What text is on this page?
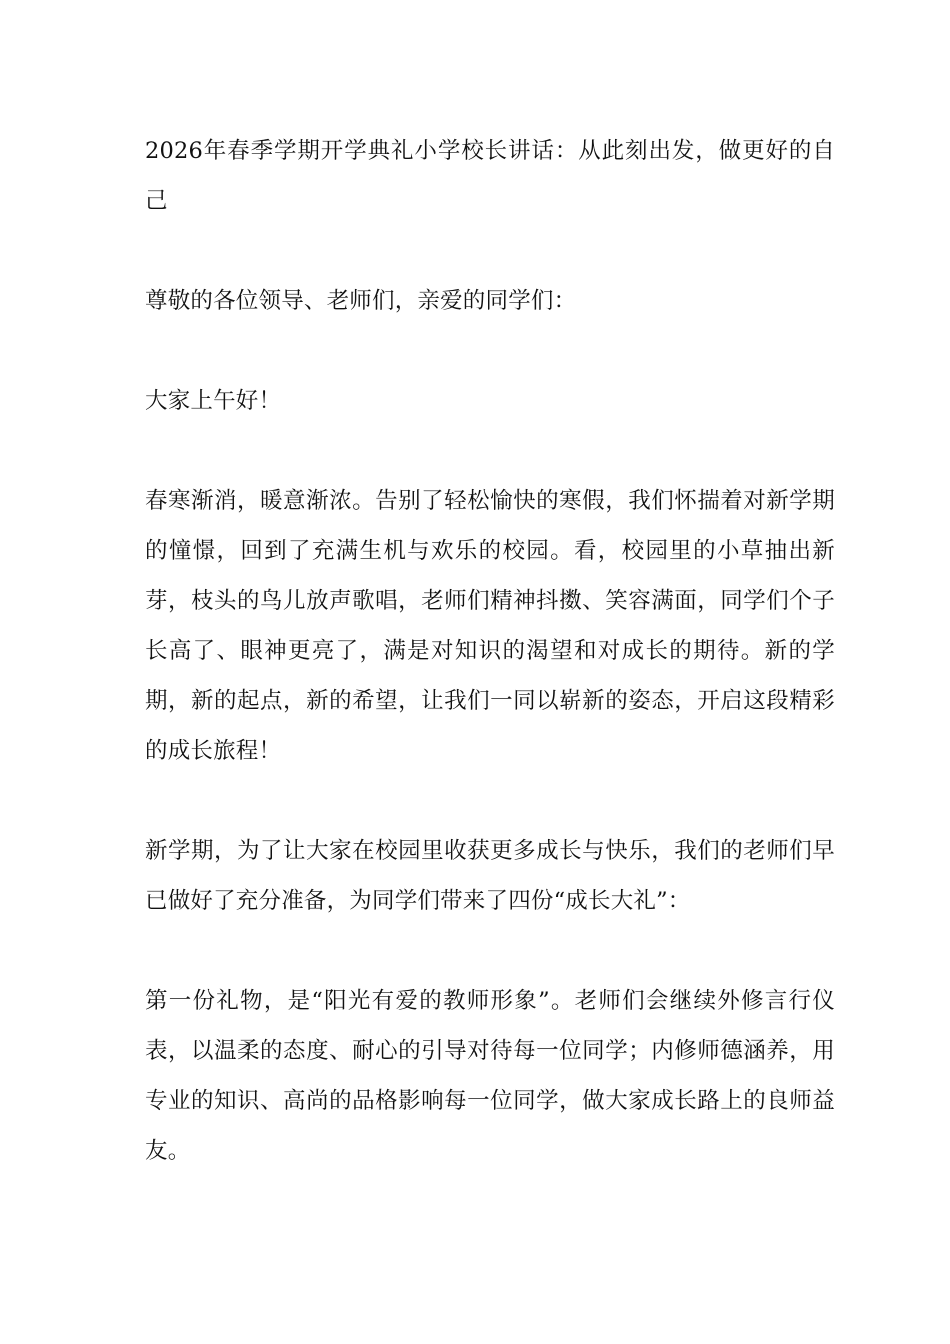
2026年春季学期开学典礼小学校长讲话：从此刻出发，做更好的自己

尊敬的各位领导、老师们，亲爱的同学们：

大家上午好！

春寒渐消，暖意渐浓。告别了轻松愉快的寒假，我们怀揣着对新学期的憧憬，回到了充满生机与欢乐的校园。看，校园里的小草抽出新芽，枝头的鸟儿放声歌唱，老师们精神抖擞、笑容满面，同学们个子长高了、眼神更亮了，满是对知识的渴望和对成长的期待。新的学期，新的起点，新的希望，让我们一同以崭新的姿态，开启这段精彩的成长旅程！

新学期，为了让大家在校园里收获更多成长与快乐，我们的老师们早已做好了充分准备，为同学们带来了四份“成长大礼”：

第一份礼物，是“阳光有爱的教师形象”。老师们会继续外修言行仪表，以温柔的态度、耐心的引导对待每一位同学；内修师德涵养，用专业的知识、高尚的品格影响每一位同学，做大家成长路上的良师益友。
